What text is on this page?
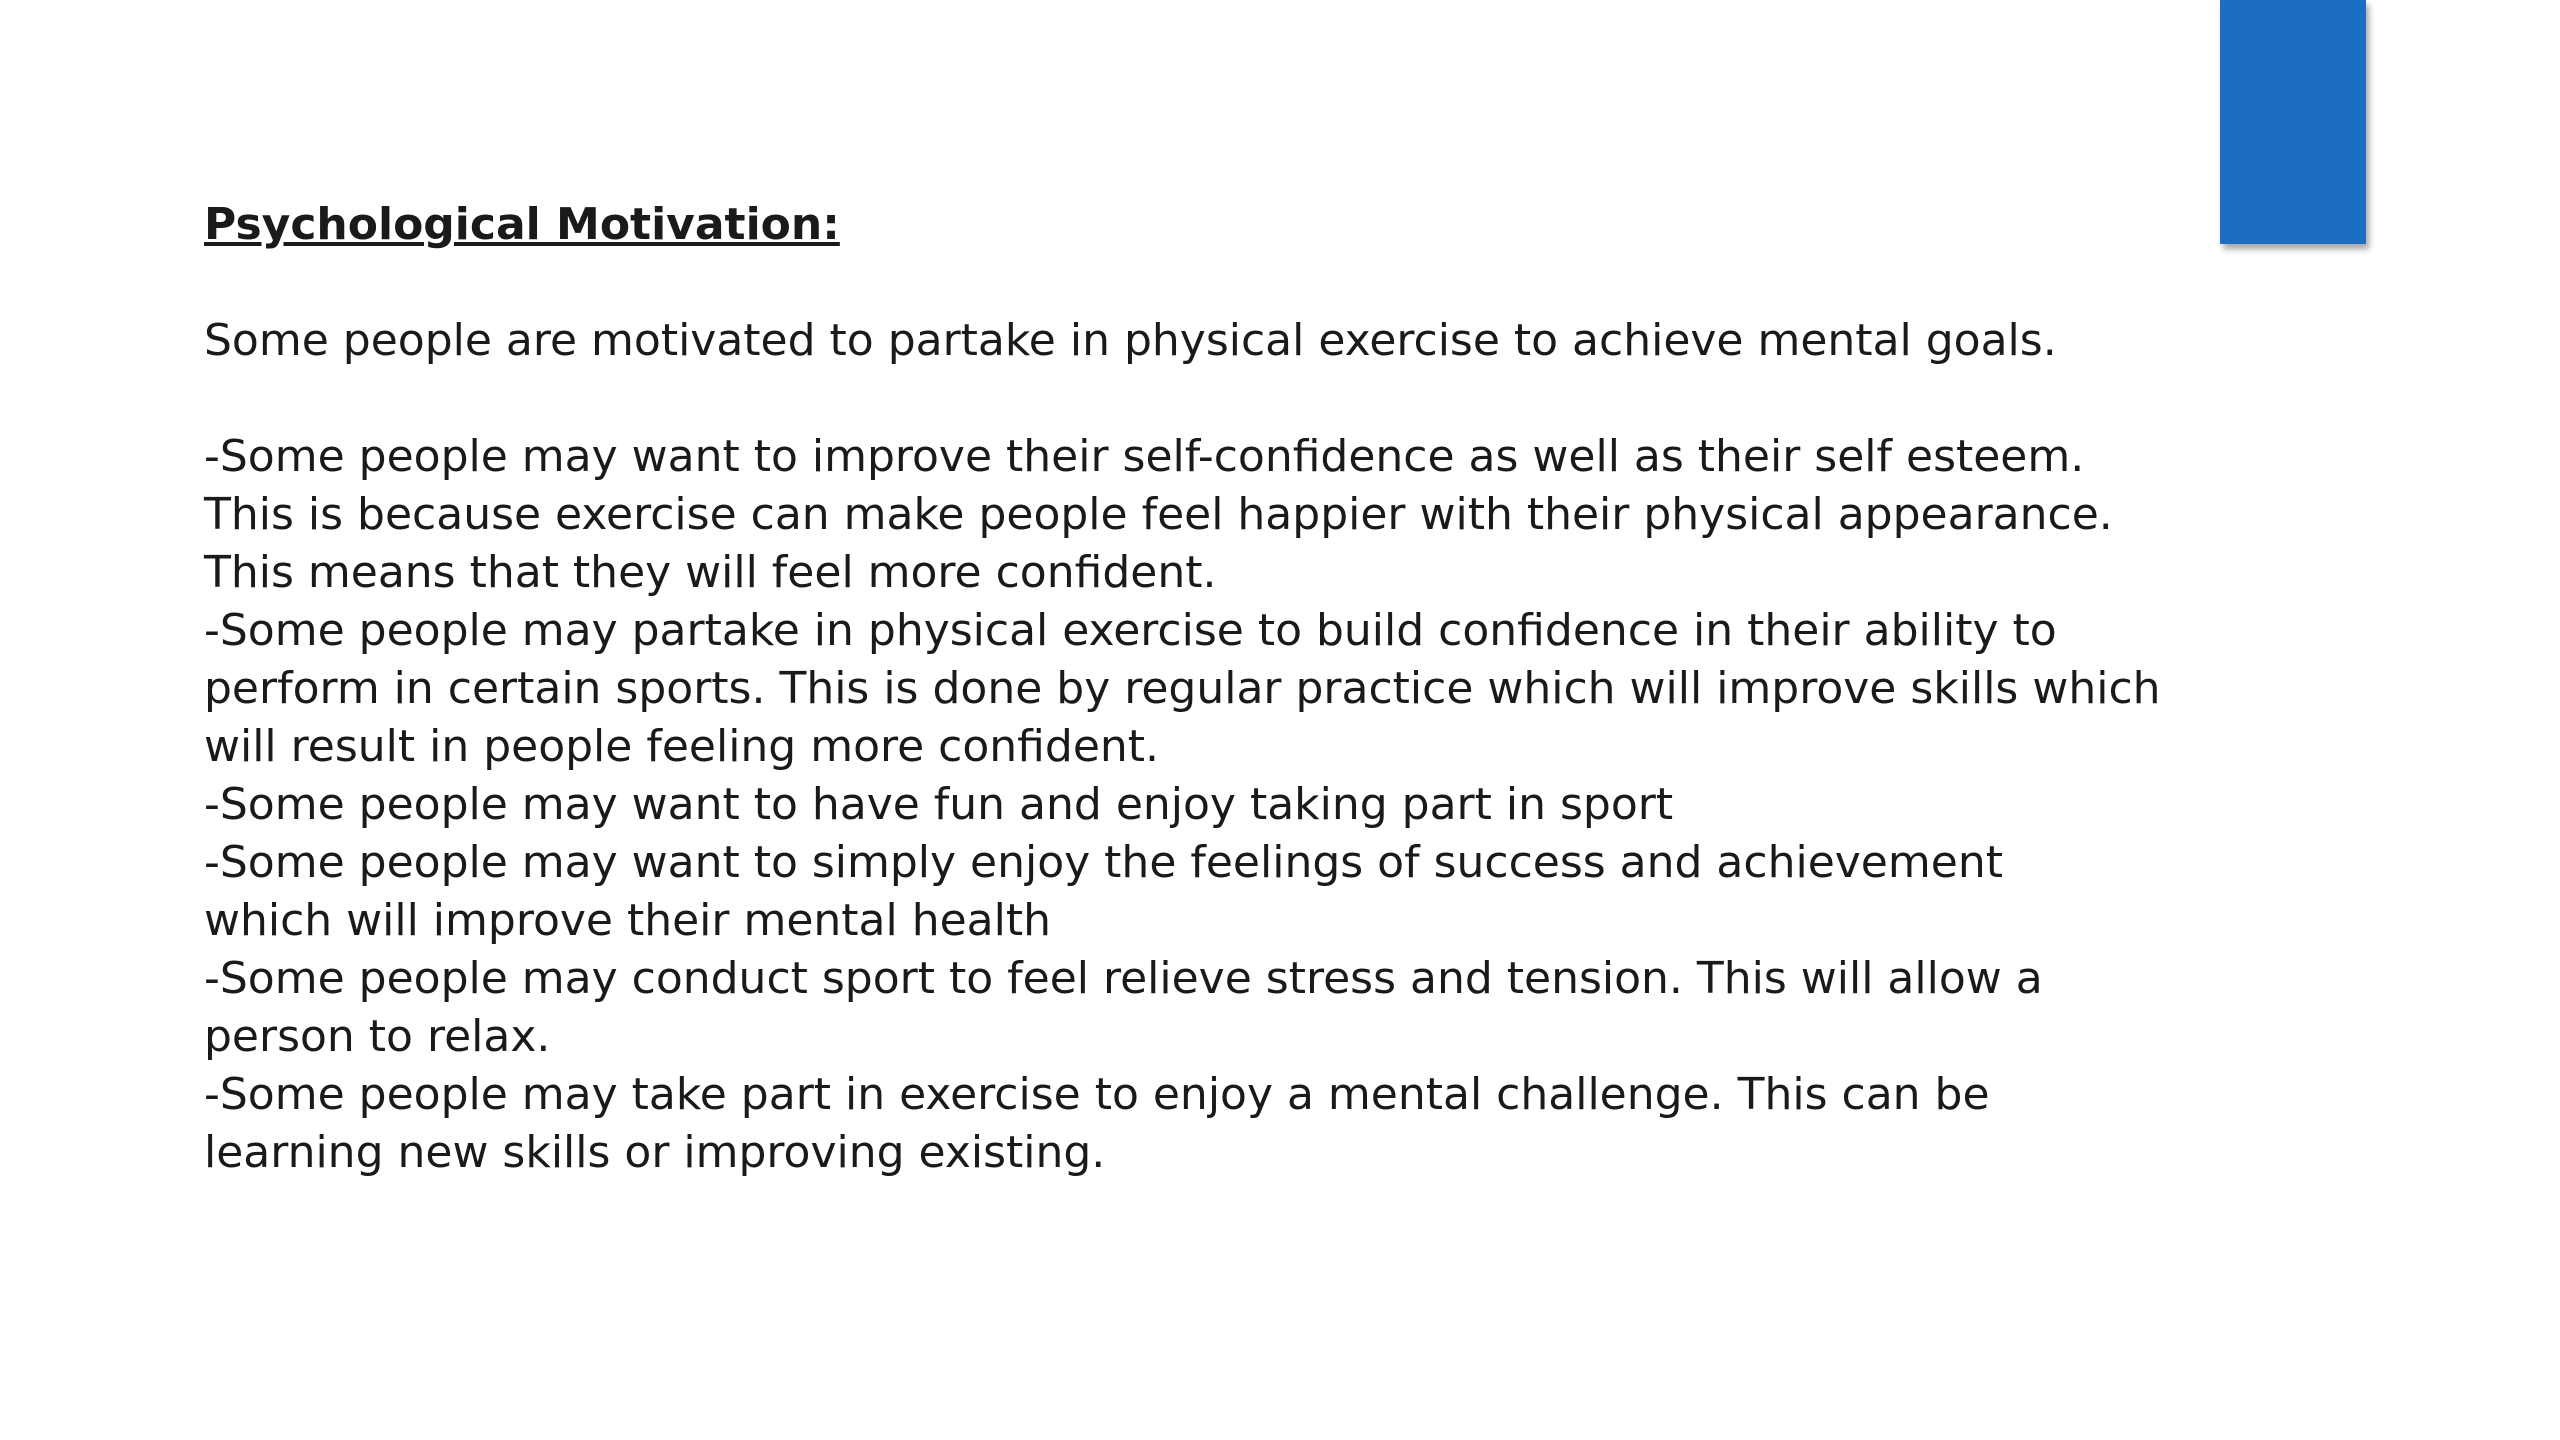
Psychological Motivation:

Some people are motivated to partake in physical exercise to achieve mental goals.

-Some people may want to improve their self-confidence as well as their self esteem.
This is because exercise can make people feel happier with their physical appearance.
This means that they will feel more confident.
-Some people may partake in physical exercise to build confidence in their ability to
perform in certain sports. This is done by regular practice which will improve skills which
will result in people feeling more confident.
-Some people may want to have fun and enjoy taking part in sport
-Some people may want to simply enjoy the feelings of success and achievement
which will improve their mental health
-Some people may conduct sport to feel relieve stress and tension. This will allow a
person to relax.
-Some people may take part in exercise to enjoy a mental challenge. This can be
learning new skills or improving existing.
